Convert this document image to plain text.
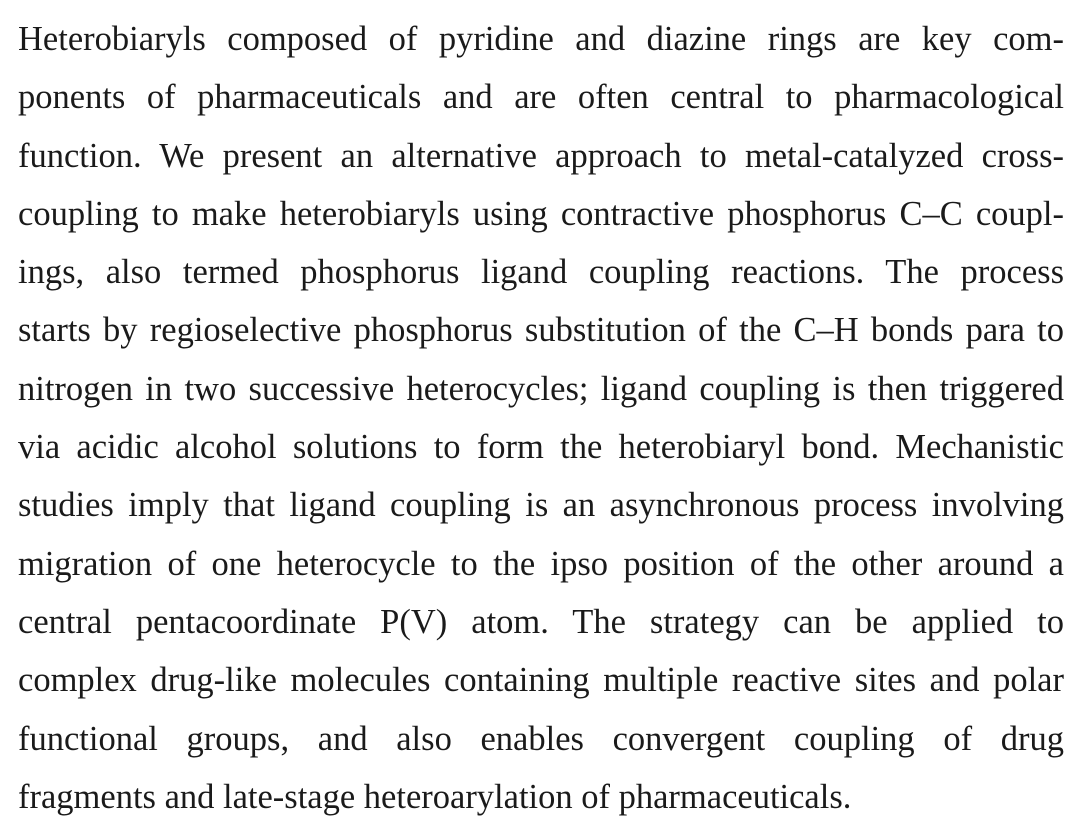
Heterobiaryls composed of pyridine and diazine rings are key com-
ponents of pharmaceuticals and are often central to pharmacological
function. We present an alternative approach to metal-catalyzed cross-
coupling to make heterobiaryls using contractive phosphorus C–C coupl-
ings, also termed phosphorus ligand coupling reactions. The process
starts by regioselective phosphorus substitution of the C–H bonds para to
nitrogen in two successive heterocycles; ligand coupling is then triggered
via acidic alcohol solutions to form the heterobiaryl bond. Mechanistic
studies imply that ligand coupling is an asynchronous process involving
migration of one heterocycle to the ipso position of the other around a
central pentacoordinate P(V) atom. The strategy can be applied to
complex drug-like molecules containing multiple reactive sites and polar
functional groups, and also enables convergent coupling of drug
fragments and late-stage heteroarylation of pharmaceuticals.
